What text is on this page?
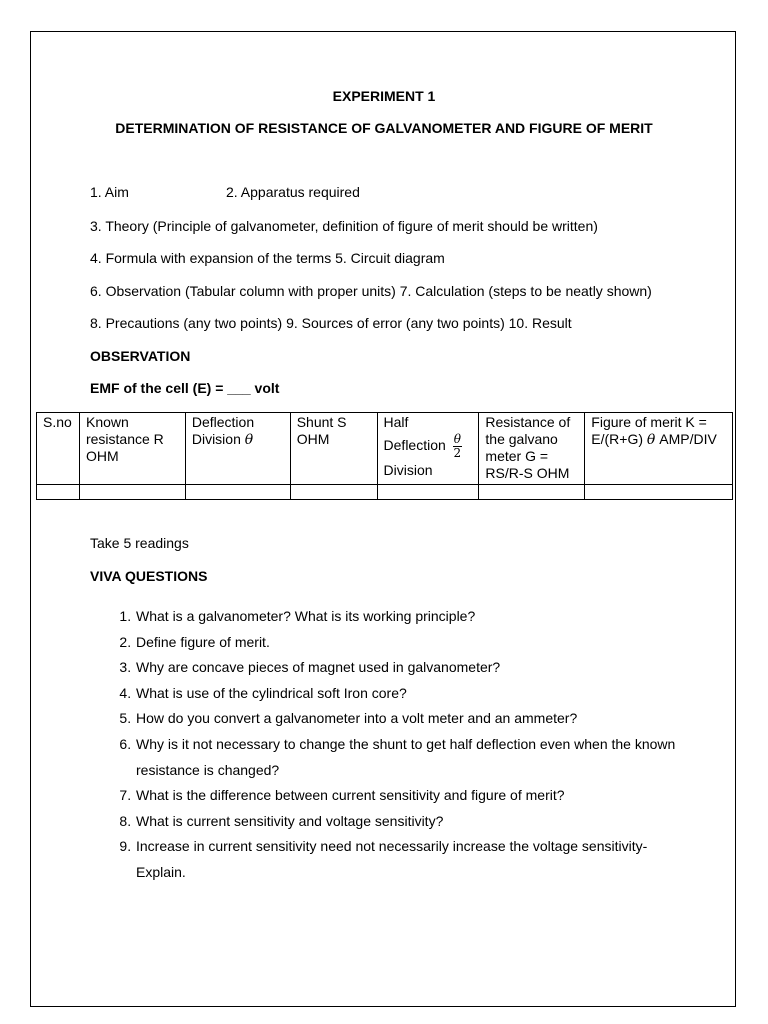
EXPERIMENT 1
DETERMINATION OF RESISTANCE OF GALVANOMETER AND FIGURE OF MERIT
1. Aim	2. Apparatus required
3. Theory (Principle of galvanometer, definition of figure of merit should be written)
4. Formula with expansion of the terms 5. Circuit diagram
6. Observation (Tabular column with proper units) 7. Calculation (steps to be neatly shown)
8. Precautions (any two points) 9. Sources of error (any two points) 10. Result
OBSERVATION
EMF of the cell (E) = ___ volt
S.no	Known resistance R OHM	Deflection Division θ	Shunt S OHM	Half
Deflection $\frac{\theta}{2}$
Division	Resistance of the galvano meter G = RS/R-S OHM	Figure of merit K = E/(R+G) θ AMP/DIV

Take 5 readings
VIVA QUESTIONS
1. What is a galvanometer? What is its working principle?
2. Define figure of merit.
3. Why are concave pieces of magnet used in galvanometer?
4. What is use of the cylindrical soft Iron core?
5. How do you convert a galvanometer into a volt meter and an ammeter?
6. Why is it not necessary to change the shunt to get half deflection even when the known resistance is changed?
7. What is the difference between current sensitivity and figure of merit?
8. What is current sensitivity and voltage sensitivity?
9. Increase in current sensitivity need not necessarily increase the voltage sensitivity-Explain.
